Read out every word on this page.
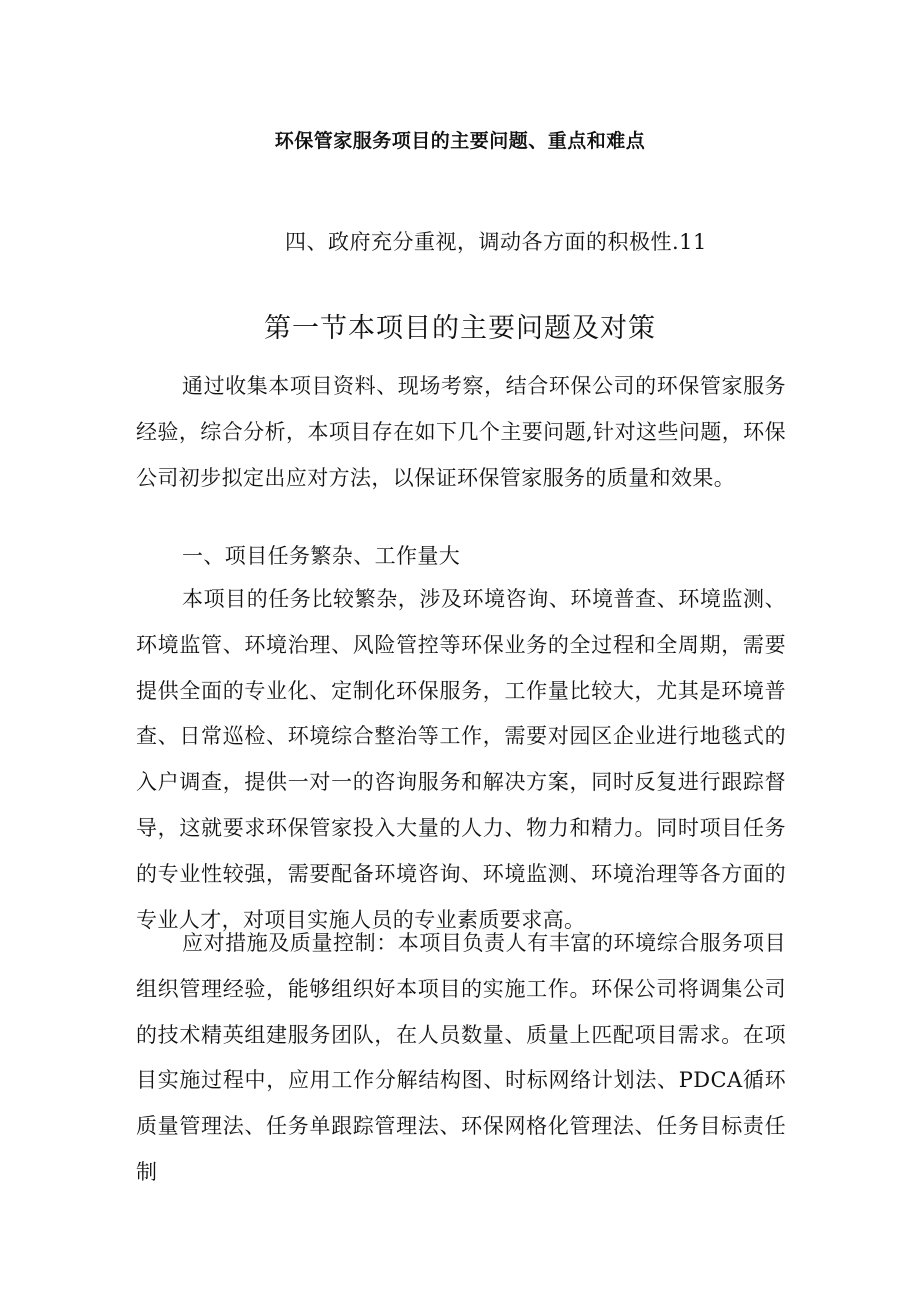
环保管家服务项目的主要问题、重点和难点
四、政府充分重视，调动各方面的积极性.11
第一节本项目的主要问题及对策

通过收集本项目资料、现场考察，结合环保公司的环保管家服务经验，综合分析，本项目存在如下几个主要问题,针对这些问题，环保公司初步拟定出应对方法，以保证环保管家服务的质量和效果。

一、项目任务繁杂、工作量大

本项目的任务比较繁杂，涉及环境咨询、环境普查、环境监测、环境监管、环境治理、风险管控等环保业务的全过程和全周期，需要提供全面的专业化、定制化环保服务，工作量比较大，尤其是环境普查、日常巡检、环境综合整治等工作，需要对园区企业进行地毯式的入户调查，提供一对一的咨询服务和解决方案，同时反复进行跟踪督导，这就要求环保管家投入大量的人力、物力和精力。同时项目任务的专业性较强，需要配备环境咨询、环境监测、环境治理等各方面的专业人才，对项目实施人员的专业素质要求高。

应对措施及质量控制：本项目负责人有丰富的环境综合服务项目组织管理经验，能够组织好本项目的实施工作。环保公司将调集公司的技术精英组建服务团队，在人员数量、质量上匹配项目需求。在项目实施过程中，应用工作分解结构图、时标网络计划法、PDCA循环质量管理法、任务单跟踪管理法、环保网格化管理法、任务目标责任制
